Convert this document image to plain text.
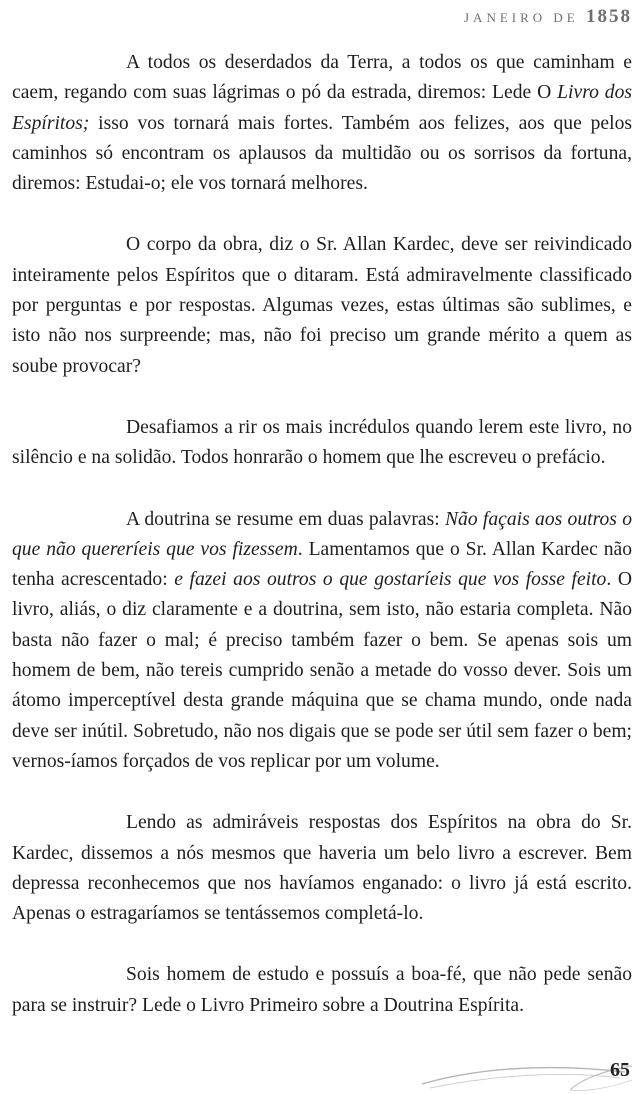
JANEIRO DE 1858

A todos os deserdados da Terra, a todos os que caminham e caem, regando com suas lágrimas o pó da estrada, diremos: Lede O Livro dos Espíritos; isso vos tornará mais fortes. Também aos felizes, aos que pelos caminhos só encontram os aplausos da multidão ou os sorrisos da fortuna, diremos: Estudai-o; ele vos tornará melhores.

O corpo da obra, diz o Sr. Allan Kardec, deve ser reivindicado inteiramente pelos Espíritos que o ditaram. Está admiravelmente classificado por perguntas e por respostas. Algumas vezes, estas últimas são sublimes, e isto não nos surpreende; mas, não foi preciso um grande mérito a quem as soube provocar?

Desafiamos a rir os mais incrédulos quando lerem este livro, no silêncio e na solidão. Todos honrarão o homem que lhe escreveu o prefácio.

A doutrina se resume em duas palavras: Não façais aos outros o que não quereríeis que vos fizessem. Lamentamos que o Sr. Allan Kardec não tenha acrescentado: e fazei aos outros o que gostaríeis que vos fosse feito. O livro, aliás, o diz claramente e a doutrina, sem isto, não estaria completa. Não basta não fazer o mal; é preciso também fazer o bem. Se apenas sois um homem de bem, não tereis cumprido senão a metade do vosso dever. Sois um átomo imperceptível desta grande máquina que se chama mundo, onde nada deve ser inútil. Sobretudo, não nos digais que se pode ser útil sem fazer o bem; vernos-íamos forçados de vos replicar por um volume.

Lendo as admiráveis respostas dos Espíritos na obra do Sr. Kardec, dissemos a nós mesmos que haveria um belo livro a escrever. Bem depressa reconhecemos que nos havíamos enganado: o livro já está escrito. Apenas o estragaríamos se tentássemos completá-lo.

Sois homem de estudo e possuís a boa-fé, que não pede senão para se instruir? Lede o Livro Primeiro sobre a Doutrina Espírita.

65
